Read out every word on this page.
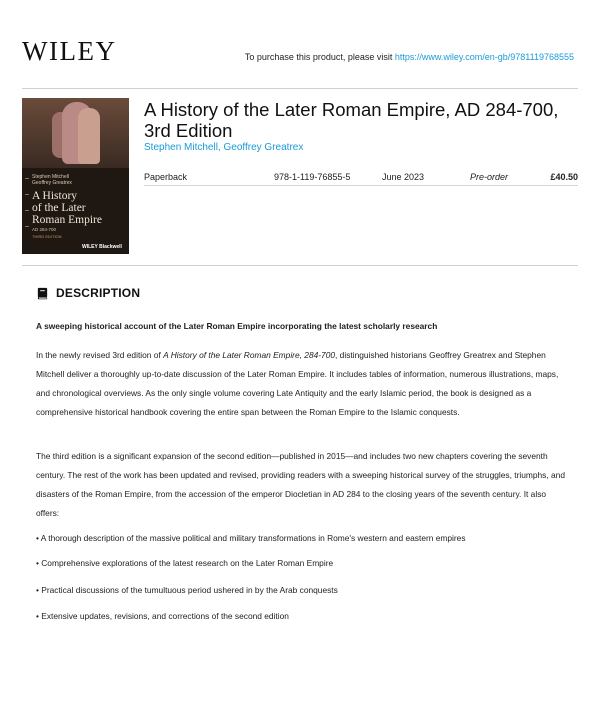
WILEY	To purchase this product, please visit https://www.wiley.com/en-gb/9781119768555
Stephen Mitchell
Geoffrey Greatrex
A History
of the Later
Roman Empire
AD 284-700
THIRD EDITION
WILEY Blackwell
A History of the Later Roman Empire, AD 284-700, 3rd Edition
Stephen Mitchell, Geoffrey Greatrex
Paperback	978-1-119-76855-5	June 2023	Pre-order	£40.50
DESCRIPTION
A sweeping historical account of the Later Roman Empire incorporating the latest scholarly research
In the newly revised 3rd edition of A History of the Later Roman Empire, 284-700, distinguished historians Geoffrey Greatrex and Stephen Mitchell deliver a thoroughly up-to-date discussion of the Later Roman Empire. It includes tables of information, numerous illustrations, maps, and chronological overviews. As the only single volume covering Late Antiquity and the early Islamic period, the book is designed as a comprehensive historical handbook covering the entire span between the Roman Empire to the Islamic conquests.
The third edition is a significant expansion of the second edition—published in 2015—and includes two new chapters covering the seventh century. The rest of the work has been updated and revised, providing readers with a sweeping historical survey of the struggles, triumphs, and disasters of the Roman Empire, from the accession of the emperor Diocletian in AD 284 to the closing years of the seventh century. It also offers:
• A thorough description of the massive political and military transformations in Rome's western and eastern empires
• Comprehensive explorations of the latest research on the Later Roman Empire
• Practical discussions of the tumultuous period ushered in by the Arab conquests
• Extensive updates, revisions, and corrections of the second edition
